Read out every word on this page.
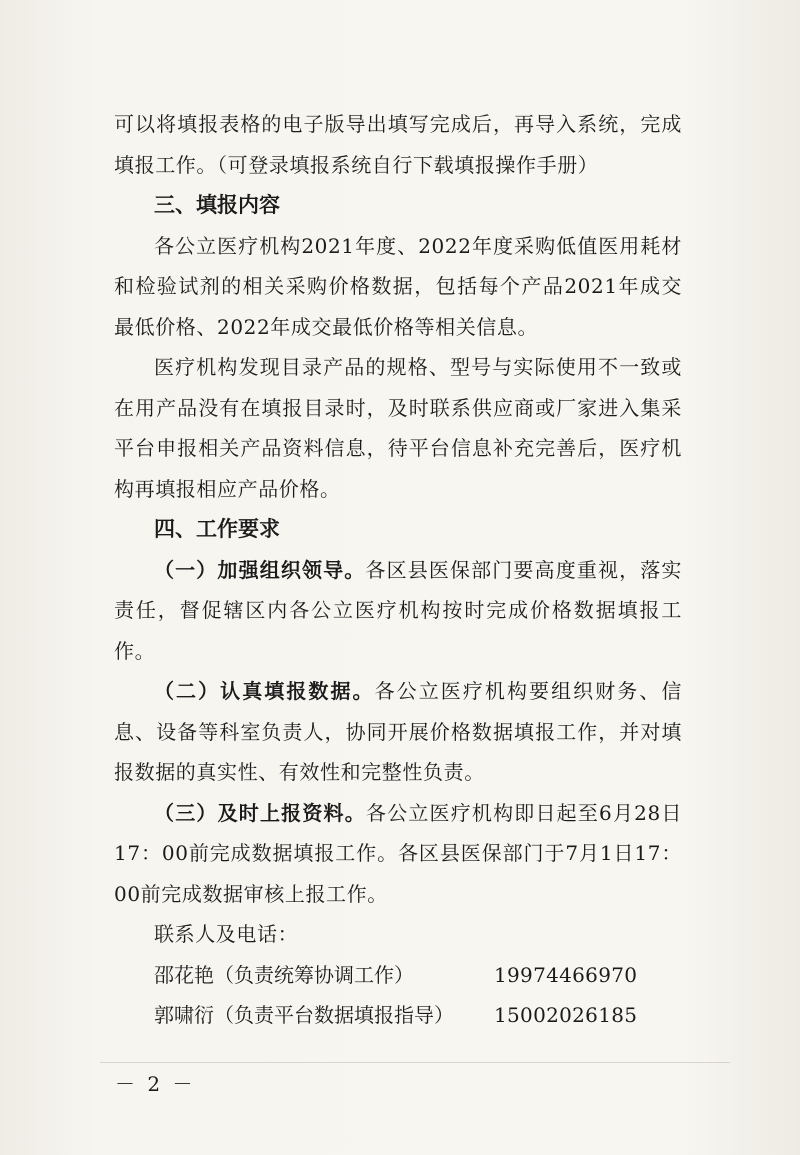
可以将填报表格的电子版导出填写完成后，再导入系统，完成填报工作。（可登录填报系统自行下载填报操作手册）

三、填报内容

各公立医疗机构2021年度、2022年度采购低值医用耗材和检验试剂的相关采购价格数据，包括每个产品2021年成交最低价格、2022年成交最低价格等相关信息。

医疗机构发现目录产品的规格、型号与实际使用不一致或在用产品没有在填报目录时，及时联系供应商或厂家进入集采平台申报相关产品资料信息，待平台信息补充完善后，医疗机构再填报相应产品价格。

四、工作要求

（一）加强组织领导。各区县医保部门要高度重视，落实责任，督促辖区内各公立医疗机构按时完成价格数据填报工作。

（二）认真填报数据。各公立医疗机构要组织财务、信息、设备等科室负责人，协同开展价格数据填报工作，并对填报数据的真实性、有效性和完整性负责。

（三）及时上报资料。各公立医疗机构即日起至6月28日17：00前完成数据填报工作。各区县医保部门于7月1日17：00前完成数据审核上报工作。

联系人及电话：

邵花艳（负责统筹协调工作）	19974466970
郭啸衍（负责平台数据填报指导）	15002026185
－ 2 －
